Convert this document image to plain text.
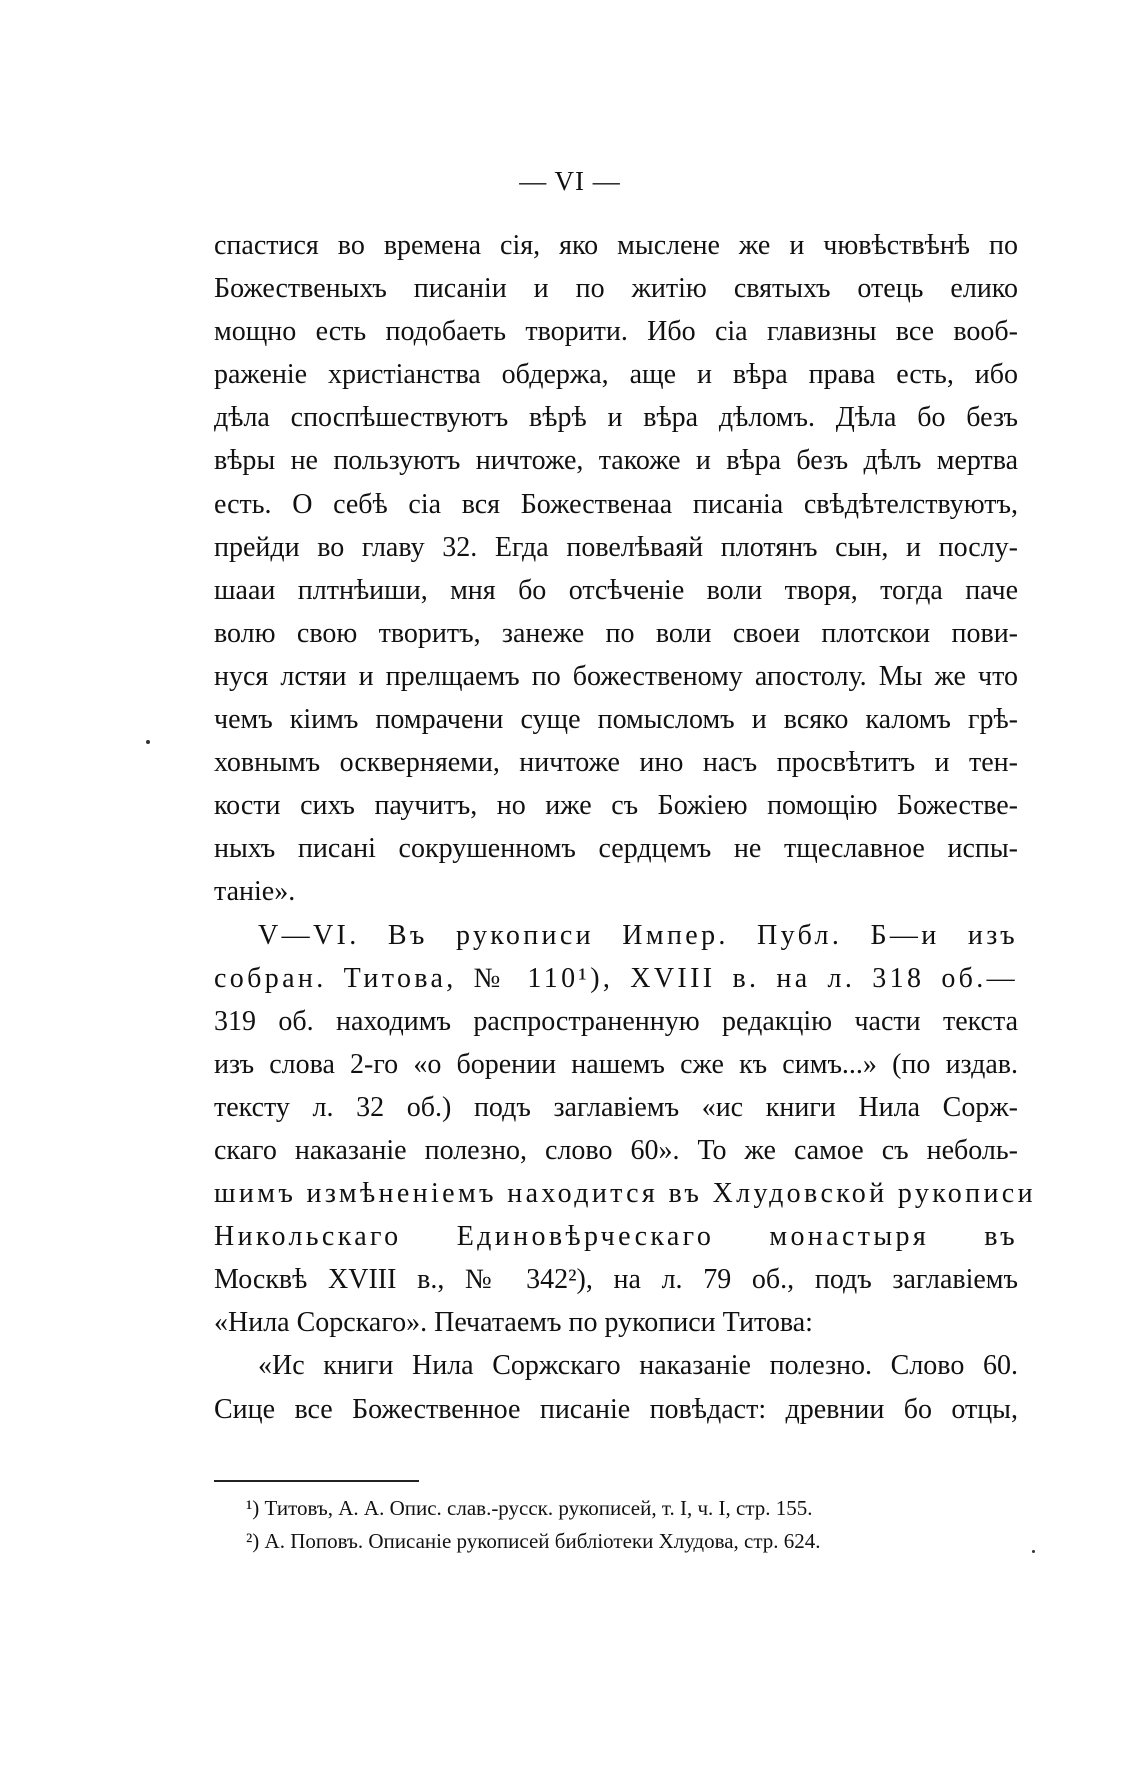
— VI —
спастися во времена сія, яко мыслене же и чювѣствѣнѣ по
Божественыхъ писаніи и по житію святыхъ отець елико
мощно есть подобаеть творити. Ибо сіа главизны все вооб-
раженіе христіанства обдержа, аще и вѣра права есть, ибо
дѣла споспѣшествуютъ вѣрѣ и вѣра дѣломъ. Дѣла бо безъ
вѣры не пользуютъ ничтоже, такоже и вѣра безъ дѣлъ мертва
есть. О себѣ сіа вся Божественаа писаніа свѣдѣтелствуютъ,
прейди во главу 32. Егда повелѣваяй плотянъ сын, и послу-
шааи плтнѣиши, мня бо отсѣченіе воли творя, тогда паче
волю свою творитъ, занеже по воли своеи плотскои пови-
нуся лстяи и прелщаемъ по божественому апостолу. Мы же что
чемъ кіимъ помрачени суще помысломъ и всяко каломъ грѣ-
ховнымъ оскверняеми, ничтоже ино насъ просвѣтитъ и тен-
кости сихъ паучитъ, но иже съ Божіею помощію Божестве-
ныхъ писані сокрушенномъ сердцемъ не тщеславное испы-
таніе».
V—VI. Въ рукописи Импер. Публ. Б—и изъ
собран. Титова, № 110¹), XVIII в. на л. 318 об.—
319 об. находимъ распространенную редакцію части текста
изъ слова 2-го «о борении нашемъ сже къ симъ...» (по издав.
тексту л. 32 об.) подъ заглавіемъ «ис книги Нила Сорж-
скаго наказаніе полезно, слово 60». То же самое съ неболь-
шимъ измѣненіемъ находится въ Хлудовской рукописи
Никольскаго Единовѣрческаго монастыря въ
Москвѣ XVIII в., № 342²), на л. 79 об., подъ заглавіемъ
«Нила Сорскаго». Печатаемъ по рукописи Титова:
«Ис книги Нила Соржскаго наказаніе полезно. Слово 60.
Сице все Божественное писаніе повѣдаст: древнии бо отцы,
¹) Титовъ, А. А. Опис. слав.-русск. рукописей, т. I, ч. I, стр. 155.
²) А. Поповъ. Описаніе рукописей библіотеки Хлудова, стр. 624.
